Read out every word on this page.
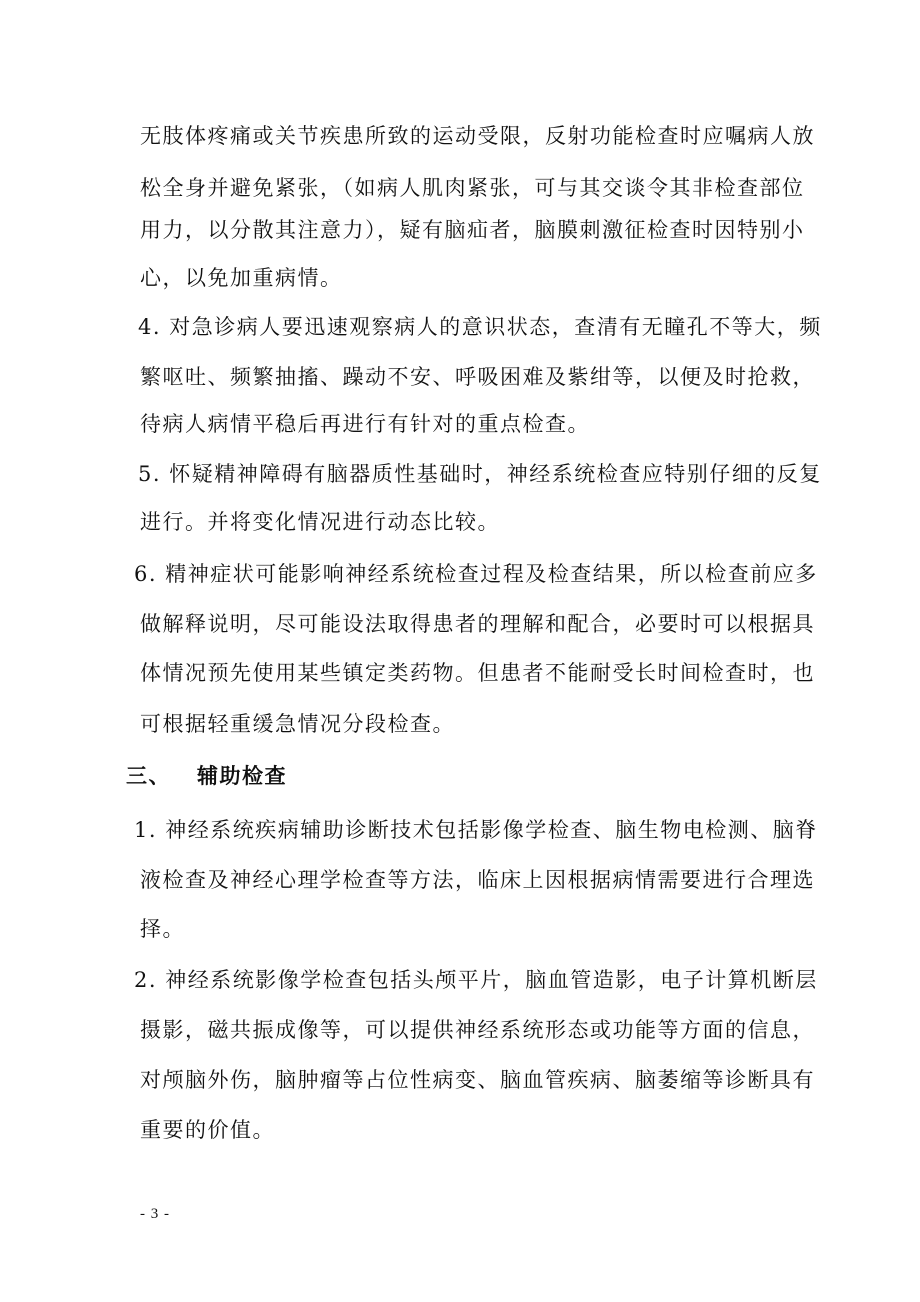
无肢体疼痛或关节疾患所致的运动受限，反射功能检查时应嘱病人放
松全身并避免紧张，（如病人肌肉紧张，可与其交谈令其非检查部位
用力，以分散其注意力），疑有脑疝者，脑膜刺激征检查时因特别小
心，以免加重病情。
4. 对急诊病人要迅速观察病人的意识状态，查清有无瞳孔不等大，频
繁呕吐、频繁抽搐、躁动不安、呼吸困难及紫绀等，以便及时抢救，
待病人病情平稳后再进行有针对的重点检查。
5. 怀疑精神障碍有脑器质性基础时，神经系统检查应特别仔细的反复
进行。并将变化情况进行动态比较。
6. 精神症状可能影响神经系统检查过程及检查结果，所以检查前应多
做解释说明，尽可能设法取得患者的理解和配合，必要时可以根据具
体情况预先使用某些镇定类药物。但患者不能耐受长时间检查时，也
可根据轻重缓急情况分段检查。
三、 辅助检查
1. 神经系统疾病辅助诊断技术包括影像学检查、脑生物电检测、脑脊
液检查及神经心理学检查等方法，临床上因根据病情需要进行合理选
择。
2. 神经系统影像学检查包括头颅平片，脑血管造影，电子计算机断层
摄影，磁共振成像等，可以提供神经系统形态或功能等方面的信息，
对颅脑外伤，脑肿瘤等占位性病变、脑血管疾病、脑萎缩等诊断具有
重要的价值。
- 3 -
